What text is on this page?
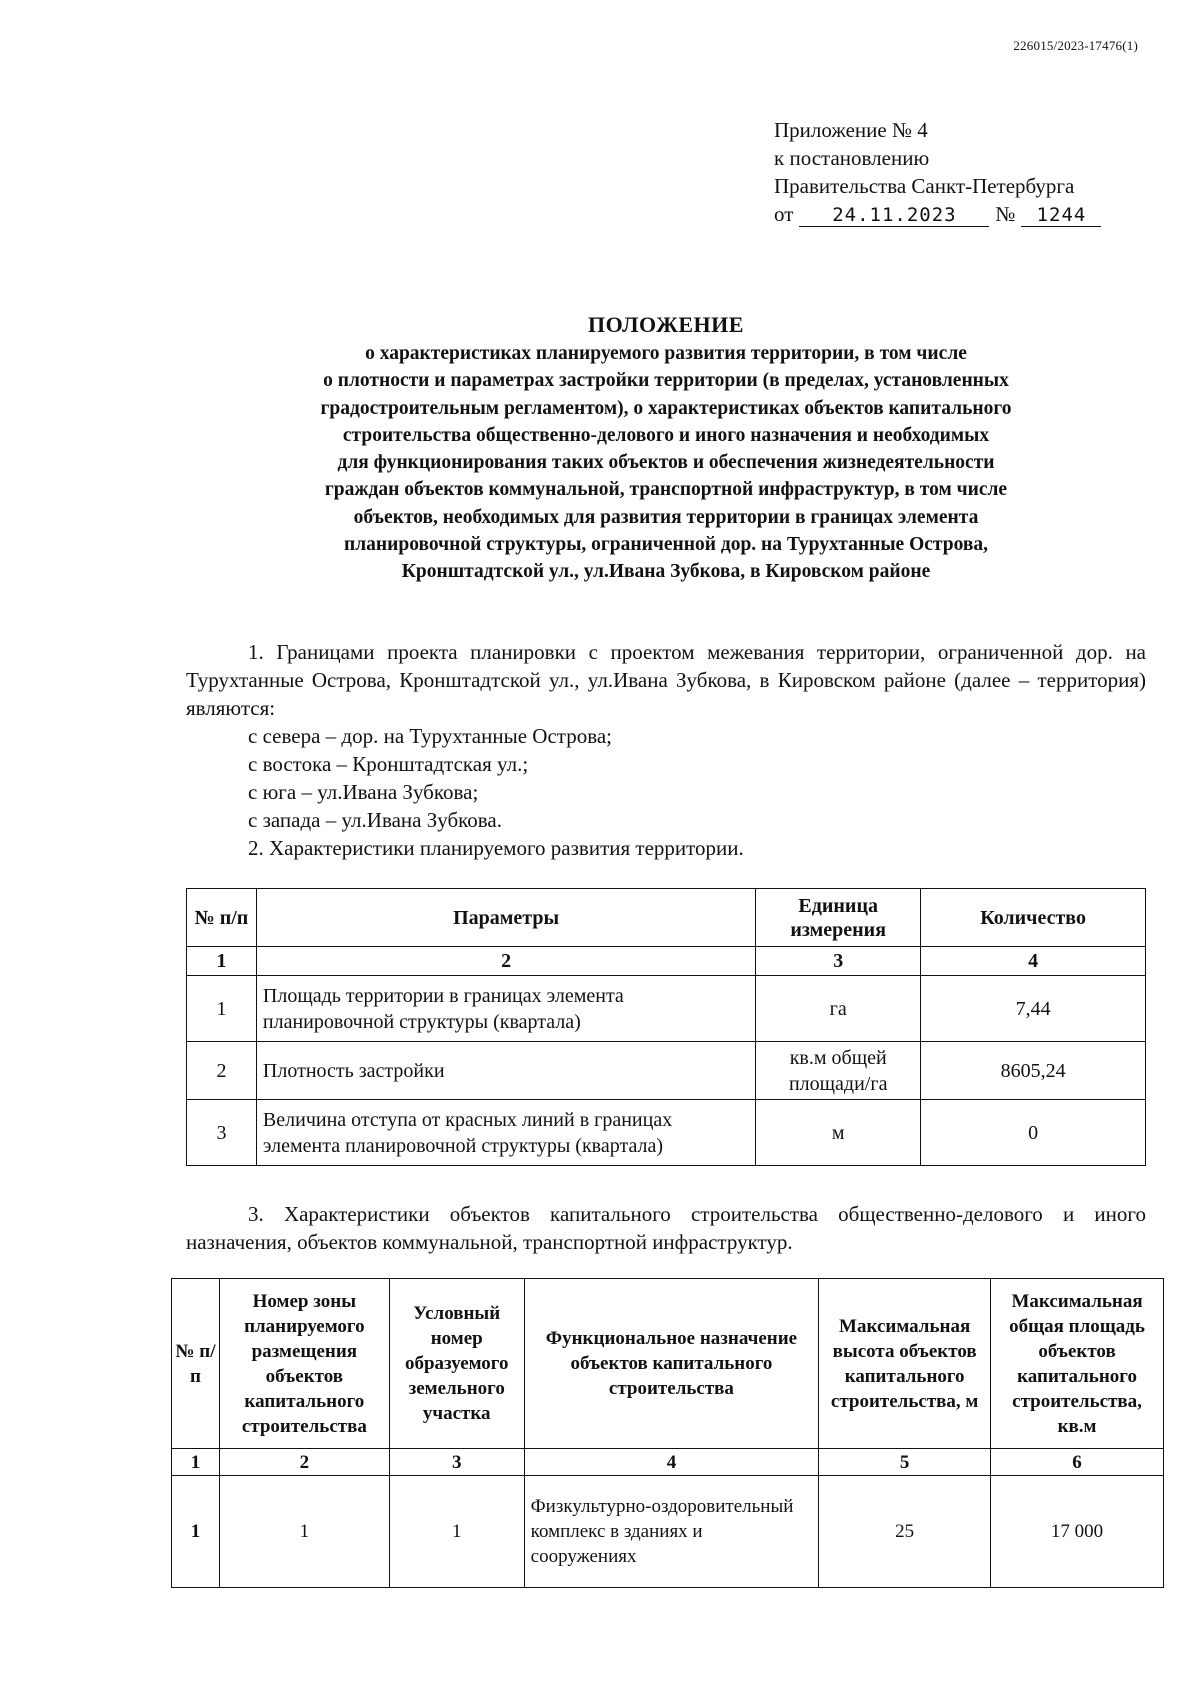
226015/2023-17476(1)
Приложение № 4
к постановлению
Правительства Санкт-Петербурга
от 24.11.2023 № 1244
ПОЛОЖЕНИЕ
о характеристиках планируемого развития территории, в том числе
о плотности и параметрах застройки территории (в пределах, установленных
градостроительным регламентом), о характеристиках объектов капитального
строительства общественно-делового и иного назначения и необходимых
для функционирования таких объектов и обеспечения жизнедеятельности
граждан объектов коммунальной, транспортной инфраструктур, в том числе
объектов, необходимых для развития территории в границах элемента
планировочной структуры, ограниченной дор. на Турухтанные Острова,
Кронштадтской ул., ул.Ивана Зубкова, в Кировском районе
1. Границами проекта планировки с проектом межевания территории, ограниченной дор. на Турухтанные Острова, Кронштадтской ул., ул.Ивана Зубкова, в Кировском районе (далее – территория) являются:
с севера – дор. на Турухтанные Острова;
с востока – Кронштадтская ул.;
с юга – ул.Ивана Зубкова;
с запада – ул.Ивана Зубкова.
2. Характеристики планируемого развития территории.
№ п/п	Параметры	Единица измерения	Количество
1	2	3	4
1	Площадь территории в границах элемента планировочной структуры (квартала)	га	7,44
2	Плотность застройки	кв.м общей площади/га	8605,24
3	Величина отступа от красных линий в границах элемента планировочной структуры (квартала)	м	0
3. Характеристики объектов капитального строительства общественно-делового и иного назначения, объектов коммунальной, транспортной инфраструктур.
№ п/п	Номер зоны планируемого размещения объектов капитального строительства	Условный номер образуемого земельного участка	Функциональное назначение объектов капитального строительства	Максимальная высота объектов капитального строительства, м	Максимальная общая площадь объектов капитального строительства, кв.м
1	2	3	4	5	6
1	1	1	Физкультурно-оздоровительный комплекс в зданиях и сооружениях	25	17 000
